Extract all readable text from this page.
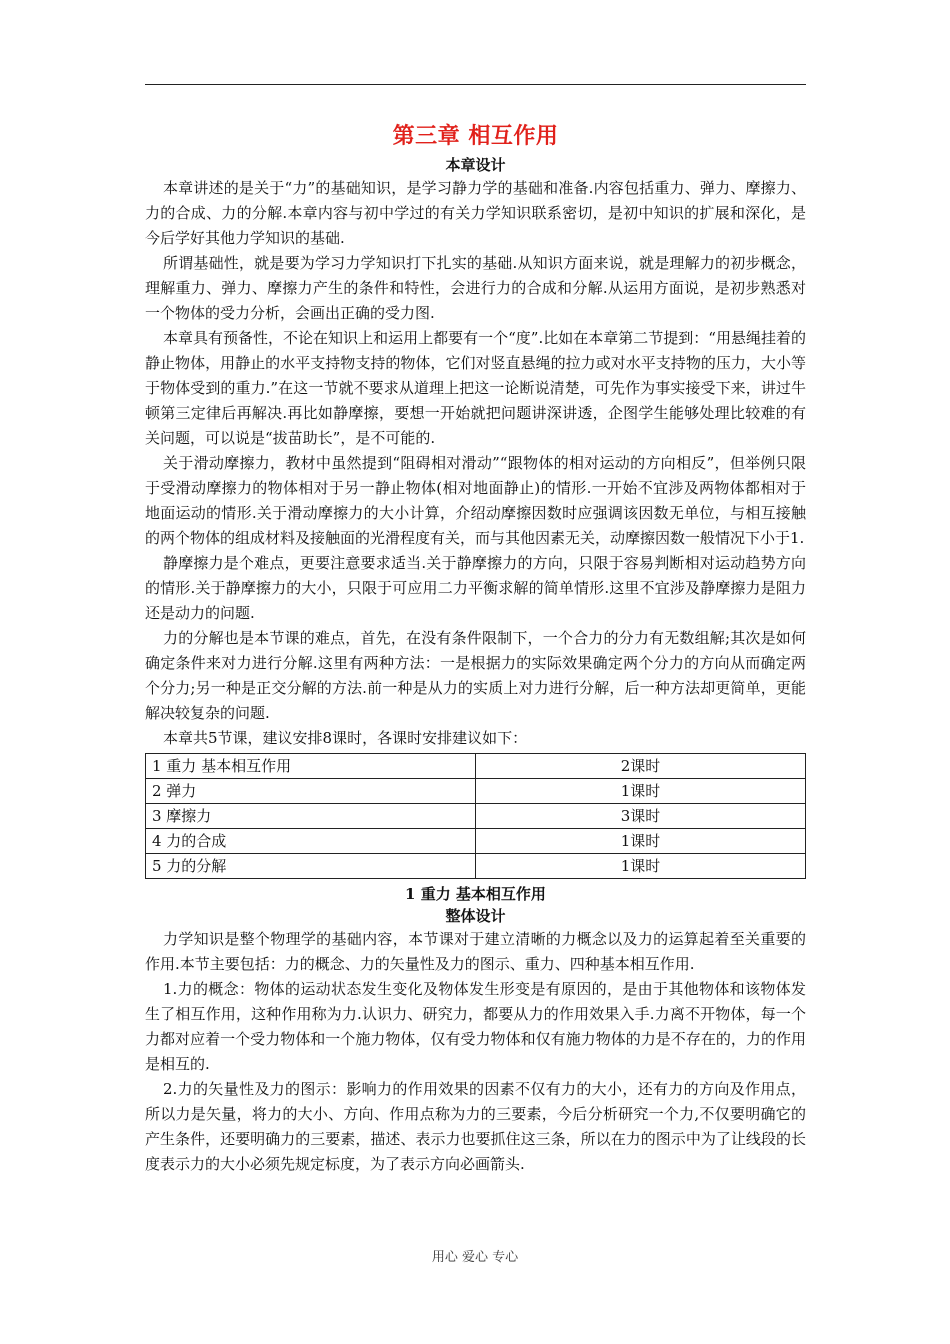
第三章 相互作用
本章设计

本章讲述的是关于“力”的基础知识，是学习静力学的基础和准备.内容包括重力、弹力、摩擦力、力的合成、力的分解.本章内容与初中学过的有关力学知识联系密切，是初中知识的扩展和深化，是今后学好其他力学知识的基础.

所谓基础性，就是要为学习力学知识打下扎实的基础.从知识方面来说，就是理解力的初步概念，理解重力、弹力、摩擦力产生的条件和特性，会进行力的合成和分解.从运用方面说，是初步熟悉对一个物体的受力分析，会画出正确的受力图.

本章具有预备性，不论在知识上和运用上都要有一个“度”.比如在本章第二节提到：“用悬绳挂着的静止物体，用静止的水平支持物支持的物体，它们对竖直悬绳的拉力或对水平支持物的压力，大小等于物体受到的重力.”在这一节就不要求从道理上把这一论断说清楚，可先作为事实接受下来，讲过牛顿第三定律后再解决.再比如静摩擦，要想一开始就把问题讲深讲透，企图学生能够处理比较难的有关问题，可以说是“拔苗助长”，是不可能的.

关于滑动摩擦力，教材中虽然提到“阻碍相对滑动”“跟物体的相对运动的方向相反”，但举例只限于受滑动摩擦力的物体相对于另一静止物体(相对地面静止)的情形.一开始不宜涉及两物体都相对于地面运动的情形.关于滑动摩擦力的大小计算，介绍动摩擦因数时应强调该因数无单位，与相互接触的两个物体的组成材料及接触面的光滑程度有关，而与其他因素无关，动摩擦因数一般情况下小于1.

静摩擦力是个难点，更要注意要求适当.关于静摩擦力的方向，只限于容易判断相对运动趋势方向的情形.关于静摩擦力的大小，只限于可应用二力平衡求解的简单情形.这里不宜涉及静摩擦力是阻力还是动力的问题.

力的分解也是本节课的难点，首先，在没有条件限制下，一个合力的分力有无数组解;其次是如何确定条件来对力进行分解.这里有两种方法：一是根据力的实际效果确定两个分力的方向从而确定两个分力;另一种是正交分解的方法.前一种是从力的实质上对力进行分解，后一种方法却更简单，更能解决较复杂的问题.

本章共5节课，建议安排8课时，各课时安排建议如下：

1 重力 基本相互作用	2课时
2 弹力	1课时
3 摩擦力	3课时
4 力的合成	1课时
5 力的分解	1课时
1 重力 基本相互作用
整体设计

力学知识是整个物理学的基础内容，本节课对于建立清晰的力概念以及力的运算起着至关重要的作用.本节主要包括：力的概念、力的矢量性及力的图示、重力、四种基本相互作用.

1.力的概念：物体的运动状态发生变化及物体发生形变是有原因的，是由于其他物体和该物体发生了相互作用，这种作用称为力.认识力、研究力，都要从力的作用效果入手.力离不开物体，每一个力都对应着一个受力物体和一个施力物体，仅有受力物体和仅有施力物体的力是不存在的，力的作用是相互的.

2.力的矢量性及力的图示：影响力的作用效果的因素不仅有力的大小，还有力的方向及作用点，所以力是矢量，将力的大小、方向、作用点称为力的三要素，今后分析研究一个力,不仅要明确它的产生条件，还要明确力的三要素，描述、表示力也要抓住这三条，所以在力的图示中为了让线段的长度表示力的大小必须先规定标度，为了表示方向必画箭头.

用心 爱心 专心
